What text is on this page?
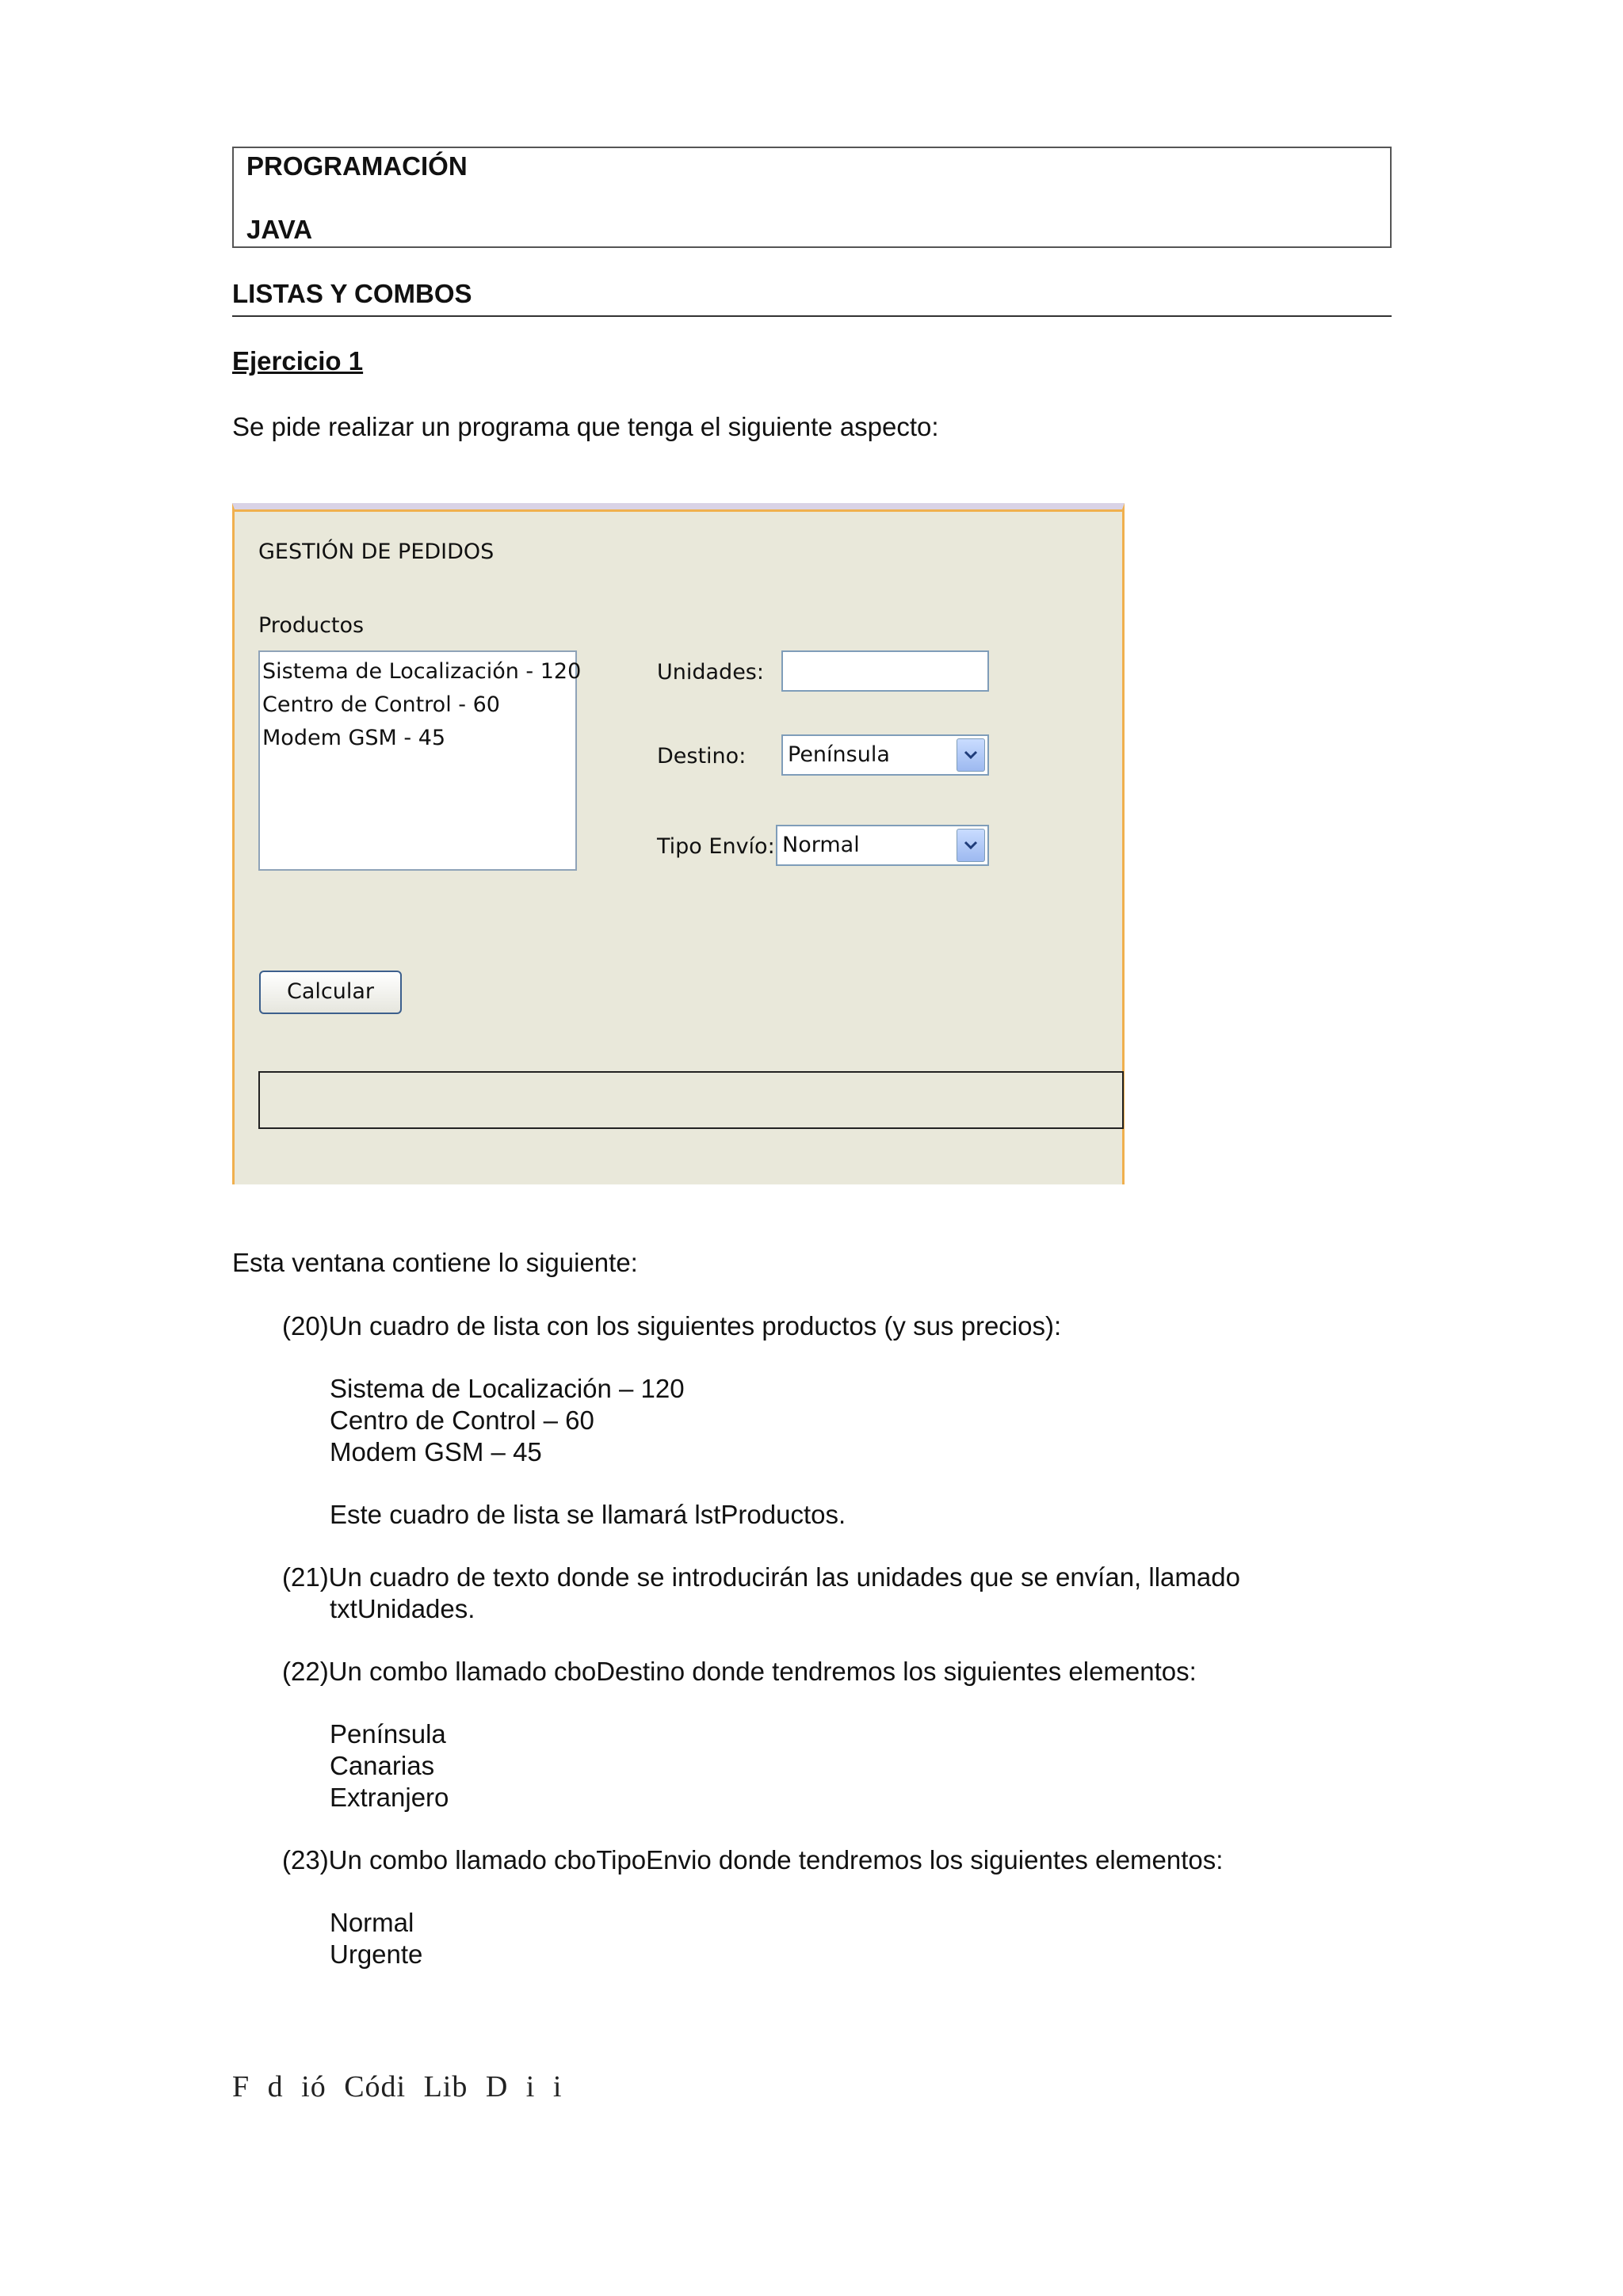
PROGRAMACIÓN
JAVA
LISTAS Y COMBOS
Ejercicio 1
Se pide realizar un programa que tenga el siguiente aspecto:
GESTIÓN DE PEDIDOS
Productos
Sistema de Localización - 120
Centro de Control - 60
Modem GSM - 45
Unidades:
Destino: Península
Tipo Envío: Normal
Calcular
Esta ventana contiene lo siguiente:
(20)Un cuadro de lista con los siguientes productos (y sus precios):
Sistema de Localización – 120
Centro de Control – 60
Modem GSM – 45
Este cuadro de lista se llamará lstProductos.
(21)Un cuadro de texto donde se introducirán las unidades que se envían, llamado
txtUnidades.
(22)Un combo llamado cboDestino donde tendremos los siguientes elementos:
Península
Canarias
Extranjero
(23)Un combo llamado cboTipoEnvio donde tendremos los siguientes elementos:
Normal
Urgente
F d ió Códi Lib D i i
